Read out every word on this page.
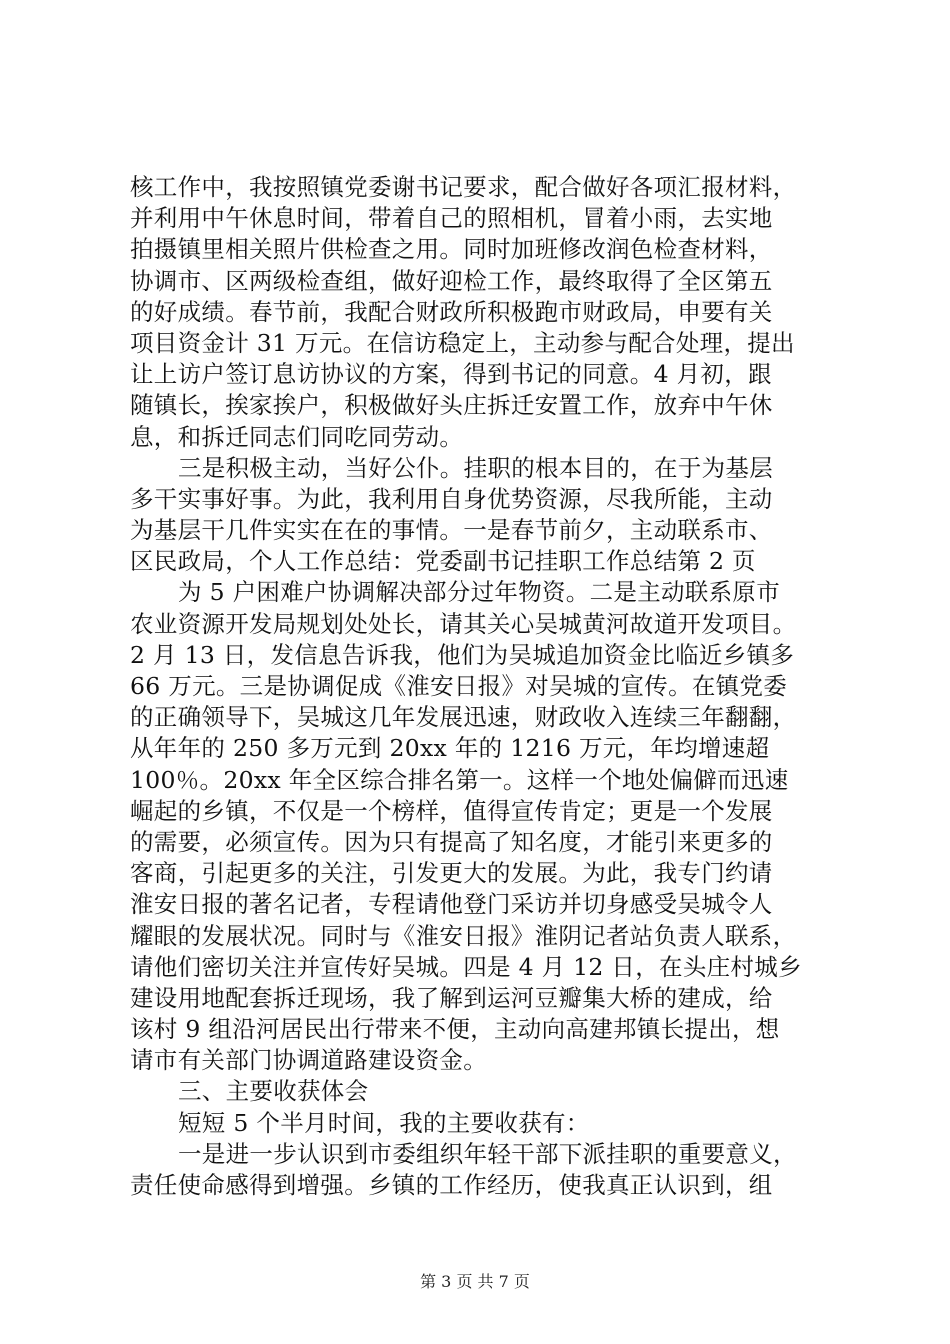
核工作中，我按照镇党委谢书记要求，配合做好各项汇报材料，
并利用中午休息时间，带着自己的照相机，冒着小雨，去实地
拍摄镇里相关照片供检查之用。同时加班修改润色检查材料，
协调市、区两级检查组，做好迎检工作，最终取得了全区第五
的好成绩。春节前，我配合财政所积极跑市财政局，申要有关
项目资金计 31 万元。在信访稳定上，主动参与配合处理，提出
让上访户签订息访协议的方案，得到书记的同意。4 月初，跟
随镇长，挨家挨户，积极做好头庄拆迁安置工作，放弃中午休
息，和拆迁同志们同吃同劳动。
三是积极主动，当好公仆。挂职的根本目的，在于为基层
多干实事好事。为此，我利用自身优势资源，尽我所能，主动
为基层干几件实实在在的事情。一是春节前夕，主动联系市、
区民政局，个人工作总结：党委副书记挂职工作总结第 2 页
为 5 户困难户协调解决部分过年物资。二是主动联系原市
农业资源开发局规划处处长，请其关心吴城黄河故道开发项目。
2 月 13 日，发信息告诉我，他们为吴城追加资金比临近乡镇多
66 万元。三是协调促成《淮安日报》对吴城的宣传。在镇党委
的正确领导下，吴城这几年发展迅速，财政收入连续三年翻翻，
从年年的 250 多万元到 20xx 年的 1216 万元，年均增速超
100％。20xx 年全区综合排名第一。这样一个地处偏僻而迅速
崛起的乡镇，不仅是一个榜样，值得宣传肯定；更是一个发展
的需要，必须宣传。因为只有提高了知名度，才能引来更多的
客商，引起更多的关注，引发更大的发展。为此，我专门约请
淮安日报的著名记者，专程请他登门采访并切身感受吴城令人
耀眼的发展状况。同时与《淮安日报》淮阴记者站负责人联系，
请他们密切关注并宣传好吴城。四是 4 月 12 日，在头庄村城乡
建设用地配套拆迁现场，我了解到运河豆瓣集大桥的建成，给
该村 9 组沿河居民出行带来不便，主动向高建邦镇长提出，想
请市有关部门协调道路建设资金。
三、主要收获体会
短短 5 个半月时间，我的主要收获有：
一是进一步认识到市委组织年轻干部下派挂职的重要意义，
责任使命感得到增强。乡镇的工作经历，使我真正认识到，组
第 3 页 共 7 页
